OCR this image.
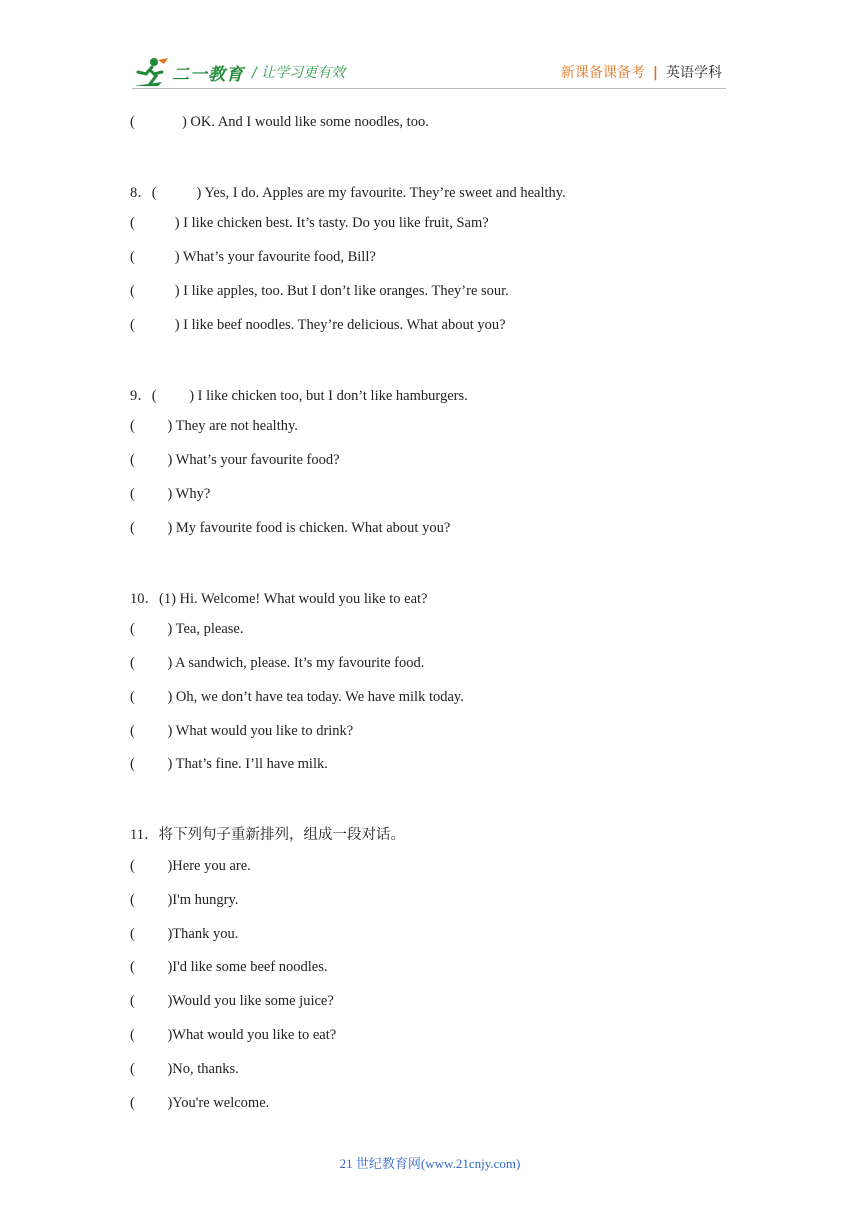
二一教育 / 让学习更有效	新课备课备考 | 英语学科
(             ) OK. And I would like some noodles, too.
8．(           ) Yes, I do. Apples are my favourite. They’re sweet and healthy.
(           ) I like chicken best. It’s tasty. Do you like fruit, Sam?
(           ) What’s your favourite food, Bill?
(           ) I like apples, too. But I don’t like oranges. They’re sour.
(           ) I like beef noodles. They’re delicious. What about you?
9．(         ) I like chicken too, but I don’t like hamburgers.
(         ) They are not healthy.
(         ) What’s your favourite food?
(         ) Why?
(         ) My favourite food is chicken. What about you?
10．(1) Hi. Welcome! What would you like to eat?
(         ) Tea, please.
(         ) A sandwich, please. It’s my favourite food.
(         ) Oh, we don’t have tea today. We have milk today.
(         ) What would you like to drink?
(         ) That’s fine. I’ll have milk.
11．将下列句子重新排列，组成一段对话。
(         )Here you are.
(         )I'm hungry.
(         )Thank you.
(         )I'd like some beef noodles.
(         )Would you like some juice?
(         )What would you like to eat?
(         )No, thanks.
(         )You're welcome.
21 世纪教育网(www.21cnjy.com)
